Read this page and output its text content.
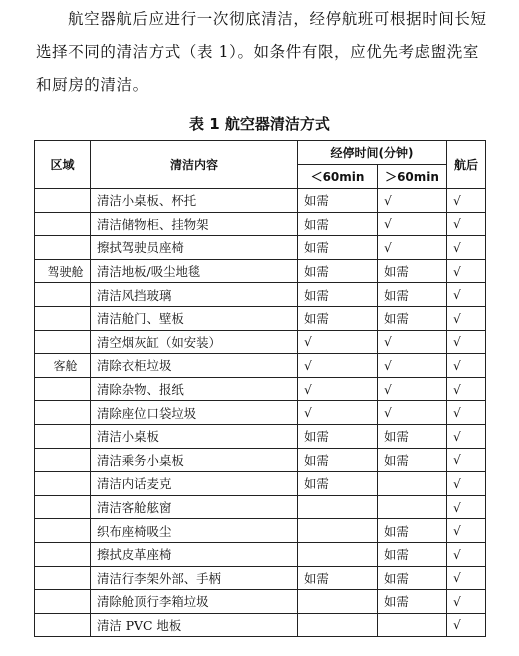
航空器航后应进行一次彻底清洁，经停航班可根据时间长短
选择不同的清洁方式（表 1）。如条件有限，应优先考虑盥洗室
和厨房的清洁。

表 1 航空器清洁方式
区域	清洁内容	经停时间(分钟)		航后
		＜60min	＞60min	
	清洁小桌板、杯托	如需	√	√
	清洁储物柜、挂物架	如需	√	√
	擦拭驾驶员座椅	如需	√	√
驾驶舱	清洁地板/吸尘地毯	如需	如需	√
	清洁风挡玻璃	如需	如需	√
	清洁舱门、壁板	如需	如需	√
	清空烟灰缸（如安装）	√	√	√
客舱	清除衣柜垃圾	√	√	√
	清除杂物、报纸	√	√	√
	清除座位口袋垃圾	√	√	√
	清洁小桌板	如需	如需	√
	清洁乘务小桌板	如需	如需	√
	清洁内话麦克	如需		√
	清洁客舱舷窗			√
	织布座椅吸尘		如需	√
	擦拭皮革座椅		如需	√
	清洁行李架外部、手柄	如需	如需	√
	清除舱顶行李箱垃圾		如需	√
	清洁 PVC 地板			√
